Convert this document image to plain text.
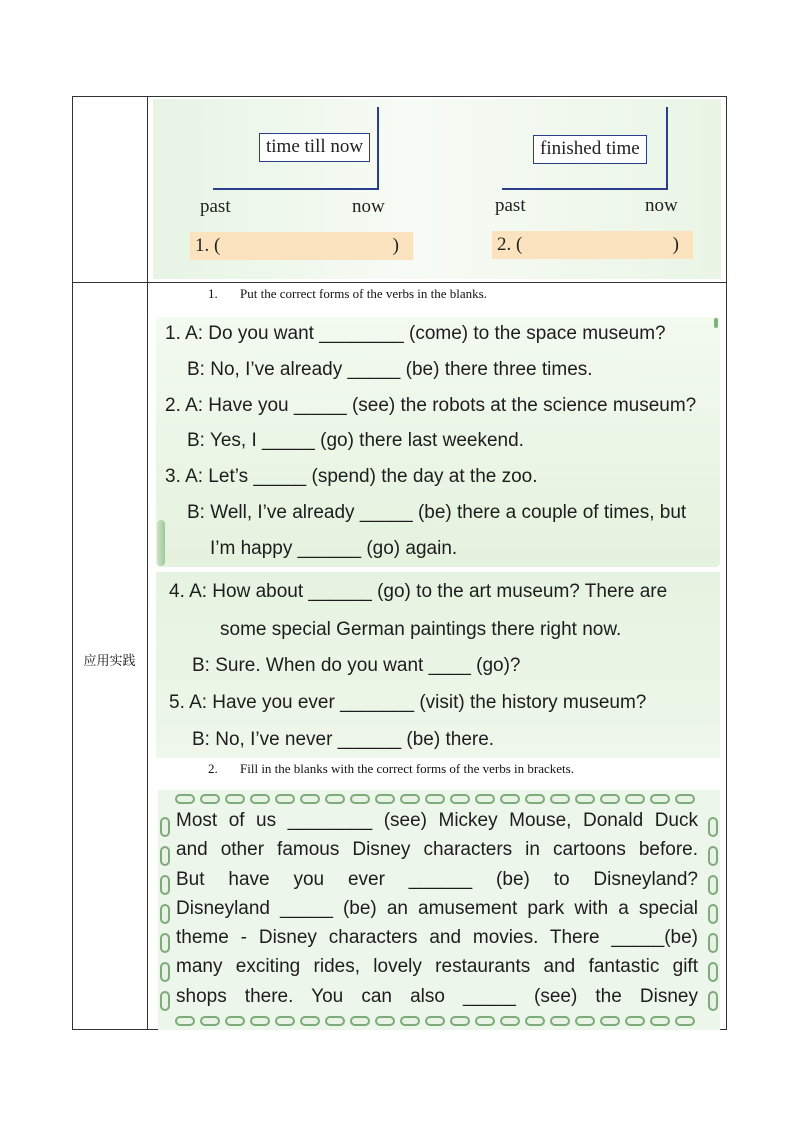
应用实践
time till now
past	now
1. (	)
finished time
past	now
2. (	)
1. Put the correct forms of the verbs in the blanks.
1. A: Do you want ________ (come) to the space museum?
B: No, I’ve already _____ (be) there three times.
2. A: Have you _____ (see) the robots at the science museum?
B: Yes, I _____ (go) there last weekend.
3. A: Let’s _____ (spend) the day at the zoo.
B: Well, I’ve already _____ (be) there a couple of times, but
I’m happy ______ (go) again.
4. A: How about ______ (go) to the art museum? There are
some special German paintings there right now.
B: Sure. When do you want ____ (go)?
5. A: Have you ever _______ (visit) the history museum?
B: No, I’ve never ______ (be) there.
2. Fill in the blanks with the correct forms of the verbs in brackets.
Most of us ________ (see) Mickey Mouse, Donald Duck
and other famous Disney characters in cartoons before.
But have you ever ______ (be) to Disneyland?
Disneyland _____ (be) an amusement park with a special
theme - Disney characters and movies. There _____(be)
many exciting rides, lovely restaurants and fantastic gift
shops there. You can also _____ (see) the Disney
